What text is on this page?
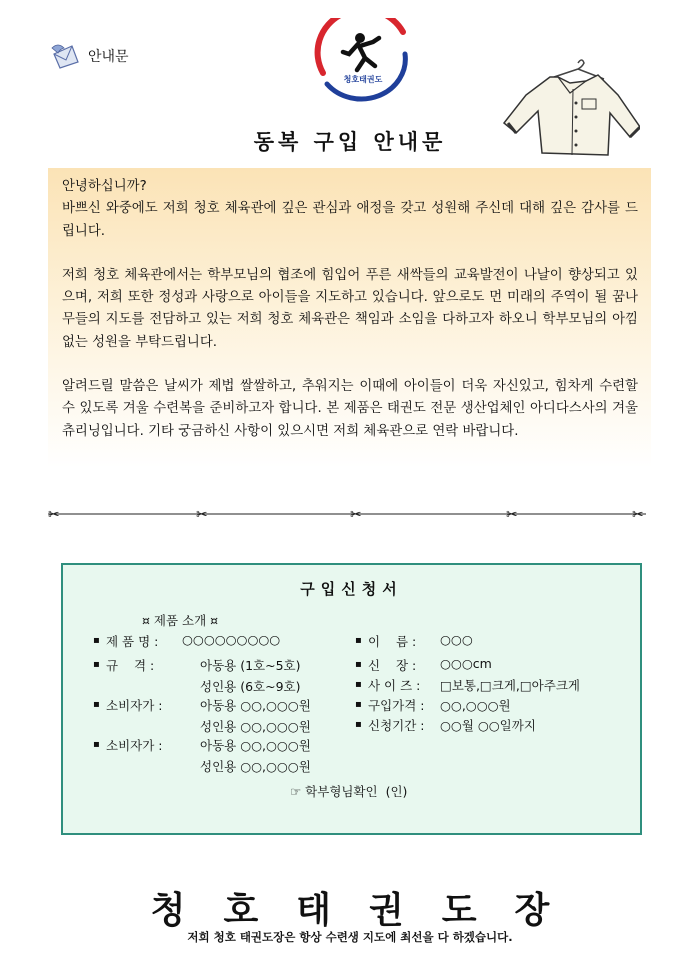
안내문
청호태권도
동복 구입 안내문

안녕하십니까?

바쁘신 와중에도 저희 청호 체육관에 깊은 관심과 애정을 갖고 성원해 주신데 대해 깊은 감사를 드립니다.

저희 청호 체육관에서는 학부모님의 협조에 힘입어 푸른 새싹들의 교육발전이 나날이 향상되고 있으며, 저희 또한 정성과 사랑으로 아이들을 지도하고 있습니다. 앞으로도 먼 미래의 주역이 될 꿈나무들의 지도를 전담하고 있는 저희 청호 체육관은 책임과 소임을 다하고자 하오니 학부모님의 아낌없는 성원을 부탁드립니다.

알려드릴 말씀은 날씨가 제법 쌀쌀하고, 추워지는 이때에 아이들이 더욱 자신있고, 힘차게 수련할 수 있도록 겨울 수련복을 준비하고자 합니다. 본 제품은 태권도 전문 생산업체인 아디다스사의 겨울츄리닝입니다. 기타 궁금하신 사항이 있으시면 저희 체육관으로 연락 바랍니다.

✂	✂	✂	✂	✂
구입신청서
¤ 제품 소개 ¤
▪ 제 품 명 : ○○○○○○○○○
▪ 규    격 :	아동용 (1호~5호)
성인용 (6호~9호)
▪ 소비자가 :	아동용 ○○,○○○원
성인용 ○○,○○○원
▪ 소비자가 :	아동용 ○○,○○○원
성인용 ○○,○○○원
▪ 이    름 : ○○○
▪ 신    장 : ○○○cm
▪ 사 이 즈 : □보통,□크게,□아주크게
▪ 구입가격 : ○○,○○○원
▪ 신청기간 : ○○월 ○○일까지
☞ 학부형님확인  (인)
청호태권도장
저희 청호 태권도장은 항상 수련생 지도에 최선을 다 하겠습니다.
